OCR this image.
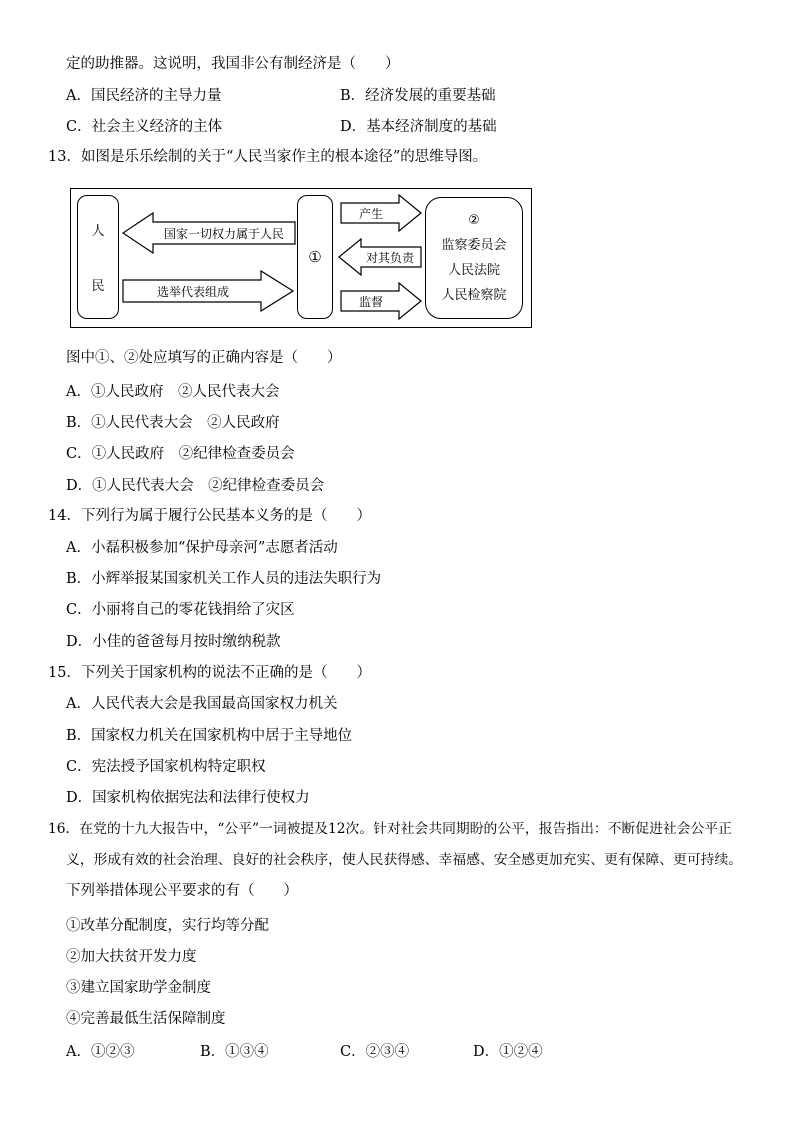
定的助推器。这说明，我国非公有制经济是（　　）
A．国民经济的主导力量	B．经济发展的重要基础
C．社会主义经济的主体	D．基本经济制度的基础
13．如图是乐乐绘制的关于“人民当家作主的根本途径”的思维导图。
人
民
国家一切权力属于人民
选举代表组成
①
产生
对其负责
监督
②
监察委员会
人民法院
人民检察院
图中①、②处应填写的正确内容是（　　）
A．①人民政府　②人民代表大会
B．①人民代表大会　②人民政府
C．①人民政府　②纪律检查委员会
D．①人民代表大会　②纪律检查委员会
14．下列行为属于履行公民基本义务的是（　　）
A．小磊积极参加“保护母亲河”志愿者活动
B．小辉举报某国家机关工作人员的违法失职行为
C．小丽将自己的零花钱捐给了灾区
D．小佳的爸爸每月按时缴纳税款
15．下列关于国家机构的说法不正确的是（　　）
A．人民代表大会是我国最高国家权力机关
B．国家权力机关在国家机构中居于主导地位
C．宪法授予国家机构特定职权
D．国家机构依据宪法和法律行使权力
16．在党的十九大报告中，“公平”一词被提及12次。针对社会共同期盼的公平，报告指出：不断促进社会公平正
义，形成有效的社会治理、良好的社会秩序，使人民获得感、幸福感、安全感更加充实、更有保障、更可持续。
下列举措体现公平要求的有（　　）
①改革分配制度，实行均等分配
②加大扶贫开发力度
③建立国家助学金制度
④完善最低生活保障制度
A．①②③	B．①③④	C．②③④	D．①②④
